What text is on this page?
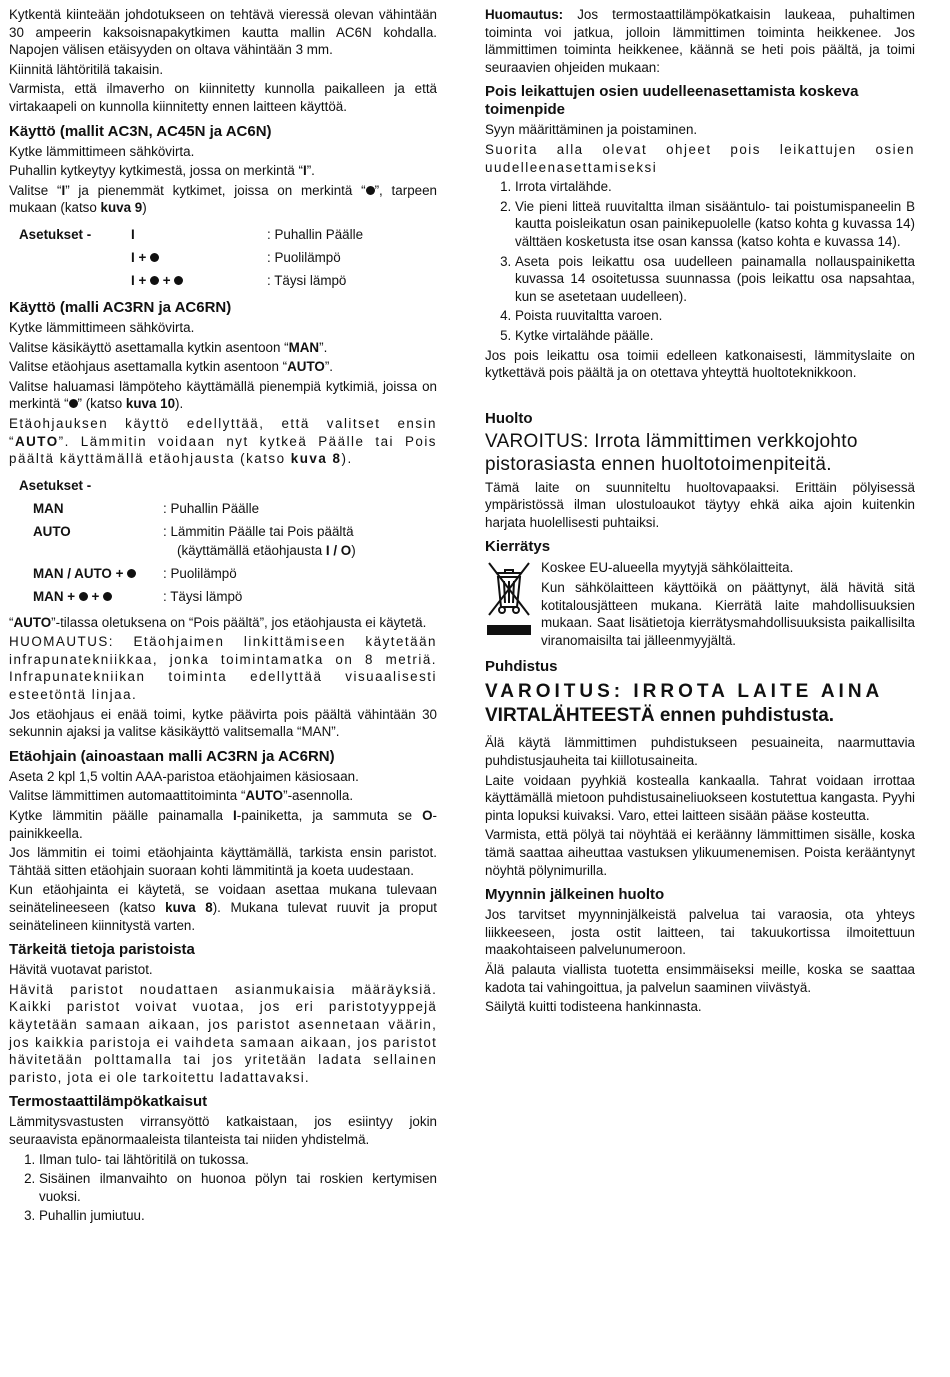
Kytkentä kiinteään johdotukseen on tehtävä vieressä olevan vähintään 30 ampeerin kaksoisnapakytkimen kautta mallin AC6N kohdalla. Napojen välisen etäisyyden on oltava vähintään 3 mm.

Kiinnitä lähtöritilä takaisin.

Varmista, että ilmaverho on kiinnitetty kunnolla paikalleen ja että virtakaapeli on kunnolla kiinnitetty ennen laitteen käyttöä.

Käyttö (mallit AC3N, AC45N ja AC6N)

Kytke lämmittimeen sähkövirta.

Puhallin kytkeytyy kytkimestä, jossa on merkintä “I”.

Valitse “I” ja pienemmät kytkimet, joissa on merkintä “ ”, tarpeen mukaan (katso kuva 9)

Asetukset -	I	: Puhallin Päälle
	I +	: Puolilämpö
	I +  +	: Täysi lämpö
Käyttö (malli AC3RN ja AC6RN)

Kytke lämmittimeen sähkövirta.

Valitse käsikäyttö asettamalla kytkin asentoon “MAN”.

Valitse etäohjaus asettamalla kytkin asentoon “AUTO”.

Valitse haluamasi lämpöteho käyttämällä pienempiä kytkimiä, joissa on merkintä “ ” (katso kuva 10).

Etäohjauksen käyttö edellyttää, että valitset ensin “AUTO”. Lämmitin voidaan nyt kytkeä Päälle tai Pois päältä käyttämällä etäohjausta (katso kuva 8).

Asetukset -	
MAN	: Puhallin Päälle
AUTO	: Lämmitin Päälle tai Pois päältä
(käyttämällä etäohjausta I / O)
MAN / AUTO +	: Puolilämpö
MAN +  +	: Täysi lämpö

“AUTO”-tilassa oletuksena on “Pois päältä”, jos etäohjausta ei käytetä.

HUOMAUTUS: Etäohjaimen linkittämiseen käytetään infrapunatekniikkaa, jonka toimintamatka on 8 metriä. Infrapunatekniikan toiminta edellyttää visuaalisesti esteetöntä linjaa.

Jos etäohjaus ei enää toimi, kytke päävirta pois päältä vähintään 30 sekunnin ajaksi ja valitse käsikäyttö valitsemalla “MAN”.

Etäohjain (ainoastaan malli AC3RN ja AC6RN)

Aseta 2 kpl 1,5 voltin AAA-paristoa etäohjaimen käsiosaan.

Valitse lämmittimen automaattitoiminta “AUTO”-asennolla.

Kytke lämmitin päälle painamalla I-painiketta, ja sammuta se O-painikkeella.

Jos lämmitin ei toimi etäohjainta käyttämällä, tarkista ensin paristot. Tähtää sitten etäohjain suoraan kohti lämmitintä ja koeta uudestaan.

Kun etäohjainta ei käytetä, se voidaan asettaa mukana tulevaan seinätelineeseen (katso kuva 8). Mukana tulevat ruuvit ja proput seinätelineen kiinnitystä varten.

Tärkeitä tietoja paristoista

Hävitä vuotavat paristot.

Hävitä paristot noudattaen asianmukaisia määräyksiä. Kaikki paristot voivat vuotaa, jos eri paristotyyppejä käytetään samaan aikaan, jos paristot asennetaan väärin, jos kaikkia paristoja ei vaihdeta samaan aikaan, jos paristot hävitetään polttamalla tai jos yritetään ladata sellainen paristo, jota ei ole tarkoitettu ladattavaksi.

Termostaattilämpökatkaisut

Lämmitysvastusten virransyöttö katkaistaan, jos esiintyy jokin seuraavista epänormaaleista tilanteista tai niiden yhdistelmä.

1. Ilman tulo- tai lähtöritilä on tukossa.
2. Sisäinen ilmanvaihto on huonoa pölyn tai roskien kertymisen vuoksi.
3. Puhallin jumiutuu.

Huomautus: Jos termostaattilämpökatkaisin laukeaa, puhaltimen toiminta voi jatkua, jolloin lämmittimen toiminta heikkenee. Jos lämmittimen toiminta heikkenee, käännä se heti pois päältä, ja toimi seuraavien ohjeiden mukaan:

Pois leikattujen osien uudelleenasettamista koskeva toimenpide

Syyn määrittäminen ja poistaminen.

Suorita alla olevat ohjeet pois leikattujen osien uudelleenasettamiseksi

1. Irrota virtalähde.
2. Vie pieni litteä ruuvitaltta ilman sisääntulo- tai poistumispaneelin B kautta poisleikatun osan painikepuolelle (katso kohta g kuvassa 14) välttäen kosketusta itse osan kanssa (katso kohta e kuvassa 14).
3. Aseta pois leikattu osa uudelleen painamalla nollauspainiketta kuvassa 14 osoitetussa suunnassa (pois leikattu osa napsahtaa, kun se asetetaan uudelleen).
4. Poista ruuvitaltta varoen.
5. Kytke virtalähde päälle.

Jos pois leikattu osa toimii edelleen katkonaisesti, lämmityslaite on kytkettävä pois päältä ja on otettava yhteyttä huoltoteknikkoon.

Huolto

VAROITUS: Irrota lämmittimen verkkojohto pistorasiasta ennen huoltotoimenpiteitä.

Tämä laite on suunniteltu huoltovapaaksi. Erittäin pölyisessä ympäristössä ilman ulostuloaukot täytyy ehkä aika ajoin kuitenkin harjata huolellisesti puhtaiksi.

Kierrätys

Koskee EU-alueella myytyjä sähkölaitteita.

Kun sähkölaitteen käyttöikä on päättynyt, älä hävitä sitä kotitalousjätteen mukana. Kierrätä laite mahdollisuuksien mukaan. Saat lisätietoja kierrätysmahdollisuuksista paikallisilta viranomaisilta tai jälleenmyyjältä.

Puhdistus
VAROITUS: IRROTA LAITE AINA
VIRTALÄHTEESTÄ ennen puhdistusta.

Älä käytä lämmittimen puhdistukseen pesuaineita, naarmuttavia puhdistusjauheita tai kiillotusaineita.

Laite voidaan pyyhkiä kostealla kankaalla. Tahrat voidaan irrottaa käyttämällä mietoon puhdistusaineliuokseen kostutettua kangasta. Pyyhi pinta lopuksi kuivaksi. Varo, ettei laitteen sisään pääse kosteutta.

Varmista, että pölyä tai nöyhtää ei keräänny lämmittimen sisälle, koska tämä saattaa aiheuttaa vastuksen ylikuumenemisen. Poista kerääntynyt nöyhtä pölynimurilla.

Myynnin jälkeinen huolto

Jos tarvitset myynninjälkeistä palvelua tai varaosia, ota yhteys liikkeeseen, josta ostit laitteen, tai takuukortissa ilmoitettuun maakohtaiseen palvelunumeroon.

Älä palauta viallista tuotetta ensimmäiseksi meille, koska se saattaa kadota tai vahingoittua, ja palvelun saaminen viivästyä.

Säilytä kuitti todisteena hankinnasta.
